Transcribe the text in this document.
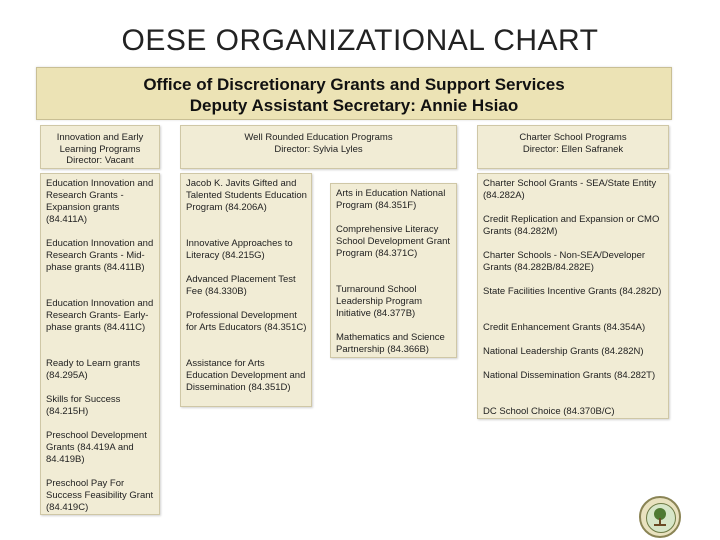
OESE ORGANIZATIONAL CHART
Office of Discretionary Grants and Support Services
Deputy Assistant Secretary: Annie Hsiao
Innovation and Early
Learning Programs
Director: Vacant
Well Rounded Education Programs
Director: Sylvia Lyles
Charter School Programs
Director: Ellen Safranek
Education Innovation and Research Grants - Expansion grants (84.411A)
Education Innovation and Research Grants - Mid-phase grants (84.411B)
Education Innovation and Research Grants- Early-phase grants (84.411C)
Ready to Learn grants (84.295A)
Skills for Success (84.215H)
Preschool Development Grants (84.419A and 84.419B)
Preschool Pay For Success Feasibility Grant (84.419C)
Jacob K. Javits Gifted and Talented Students Education Program (84.206A)
Innovative Approaches to Literacy (84.215G)
Advanced Placement Test Fee (84.330B)
Professional Development for Arts Educators (84.351C)
Assistance for Arts Education Development and Dissemination (84.351D)
Arts in Education National Program (84.351F)
Comprehensive Literacy School Development Grant Program (84.371C)
Turnaround School Leadership Program Initiative (84.377B)
Mathematics and Science Partnership (84.366B)
Charter School Grants - SEA/State Entity (84.282A)
Credit Replication and Expansion or CMO Grants (84.282M)
Charter Schools - Non-SEA/Developer Grants (84.282B/84.282E)
State Facilities Incentive Grants (84.282D)
Credit Enhancement Grants (84.354A)
National Leadership Grants (84.282N)
National Dissemination Grants (84.282T)
DC School Choice (84.370B/C)
